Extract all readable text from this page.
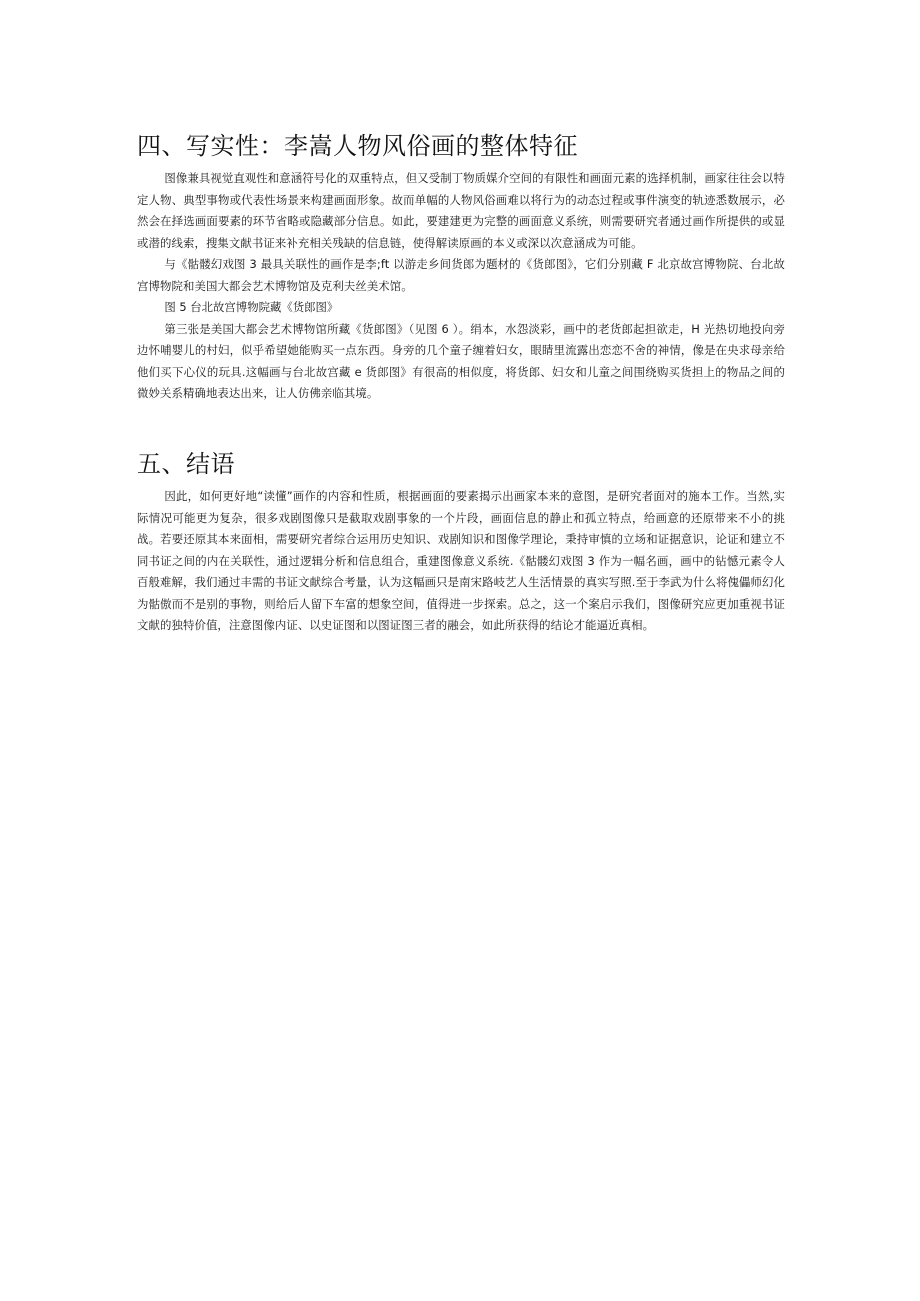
四、写实性：李嵩人物风俗画的整体特征

图像兼具视觉直观性和意涵符号化的双重特点，但又受制丁物质媒介空间的有限性和画面元素的选择机制，画家往往会以特定人物、典型事物或代表性场景来构建画面形象。故而单幅的人物风俗画难以将行为的动态过程或事件演变的轨迹悉数展示，必然会在择选画面要素的环节省略或隐藏部分信息。如此，要建建更为完整的画面意义系统，则需要研究者通过画作所提供的或显或潜的线索，搜集文献书证来补充相关残缺的信息链，使得解读原画的本义或深以次意涵成为可能。

与《骷髅幻戏图 3 最具关联性的画作是李;ft 以游走乡间货郎为题材的《货郎图》，它们分别藏 F 北京故宫博物院、台北故宫博物院和美国大都会艺术博物馆及克利夫丝美术馆。

图 5 台北故宫博物院藏《货郎图》

第三张是美国大都会艺术博物馆所藏《货郎图》（见图 6 ）。绢本，水怨淡彩，画中的老货郎起担欲走，H 光热切地投向旁边怀哺婴儿的村妇，似乎希望她能购买一点东西。身旁的几个童子缠着妇女，眼睛里流露出恋恋不舍的神情，像是在央求母亲给他们买下心仪的玩具.这幅画与台北故宫藏 e 货郎图》有很高的相似度，将货郎、妇女和儿童之间围绕购买货担上的物品之间的微妙关系精确地表达出来，让人仿佛亲临其境。

五、结语

因此，如何更好地“读懂”画作的内容和性质，根据画面的要素揭示出画家本来的意图，是研究者面对的施本工作。当然,实际情况可能更为复杂，很多戏剧图像只是截取戏剧事象的一个片段，画面信息的静止和孤立特点，给画意的还原带来不小的挑战。若要还原其本来面相，需要研究者综合运用历史知识、戏剧知识和图像学理论，秉持审慎的立场和证据意识，论证和建立不同书证之间的内在关联性，通过逻辑分析和信息组合，重建图像意义系统.《骷髅幻戏图 3 作为一幅名画，画中的钻憾元素令人百般难解，我们通过丰需的书证文献综合考量，认为这幅画只是南宋路岐艺人生活情景的真实写照.至于李武为什么将傀儡师幻化为骷傲而不是别的事物，则给后人留下车富的想象空间，值得进一步探索。总之，这一个案启示我们，图像研究应更加重视书证文献的独特价值，注意图像内证、以史证图和以图证图三者的融会，如此所获得的结论才能逼近真相。
